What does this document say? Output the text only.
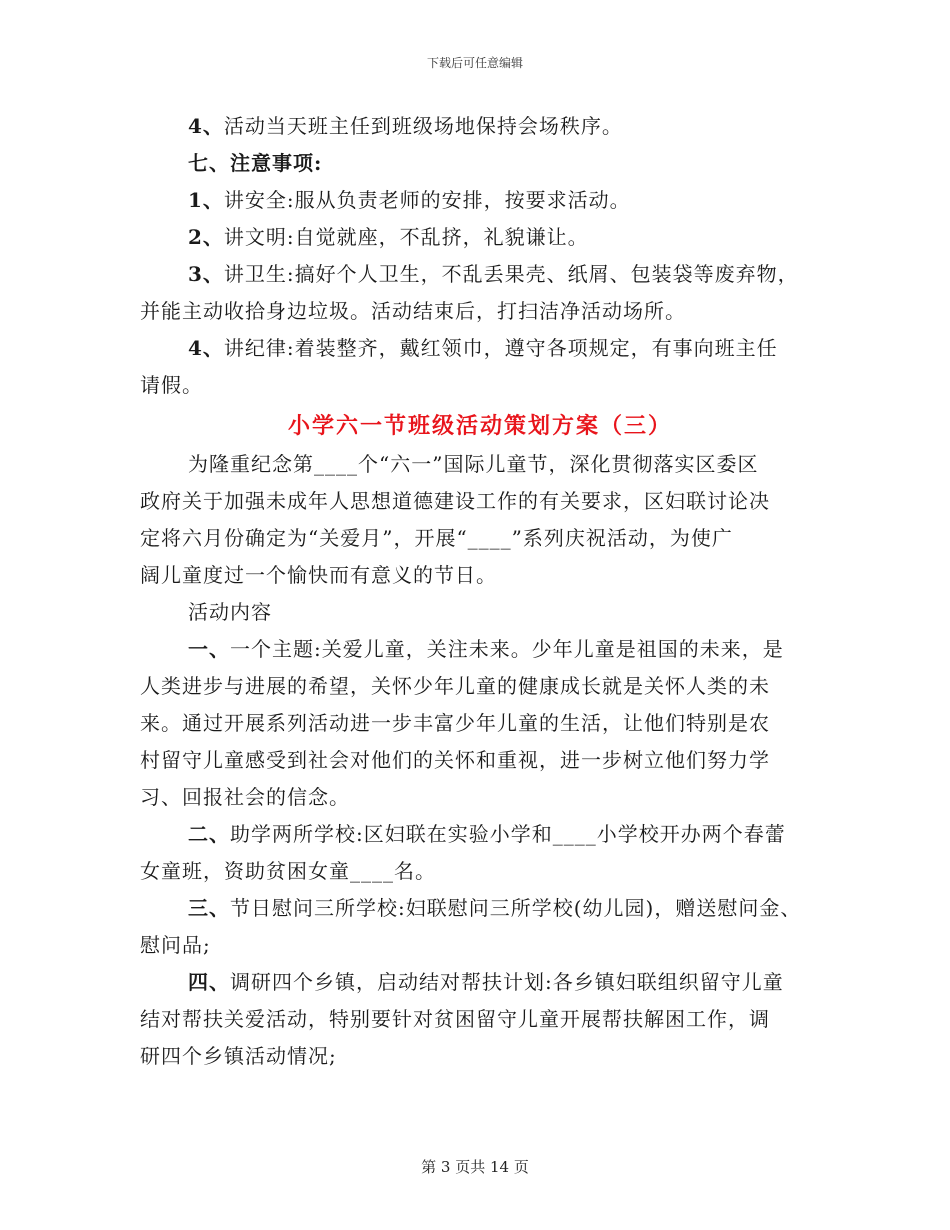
下载后可任意编辑

4、活动当天班主任到班级场地保持会场秩序。

七、注意事项:

1、讲安全:服从负责老师的安排，按要求活动。

2、讲文明:自觉就座，不乱挤，礼貌谦让。

3、讲卫生:搞好个人卫生，不乱丢果壳、纸屑、包装袋等废弃物，

并能主动收拾身边垃圾。活动结束后，打扫洁净活动场所。

4、讲纪律:着装整齐，戴红领巾，遵守各项规定，有事向班主任

请假。

小学六一节班级活动策划方案（三）

为隆重纪念第____个“六一”国际儿童节，深化贯彻落实区委区

政府关于加强未成年人思想道德建设工作的有关要求，区妇联讨论决

定将六月份确定为“关爱月”，开展“____”系列庆祝活动，为使广

阔儿童度过一个愉快而有意义的节日。

活动内容

一、一个主题:关爱儿童，关注未来。少年儿童是祖国的未来，是

人类进步与进展的希望，关怀少年儿童的健康成长就是关怀人类的未

来。通过开展系列活动进一步丰富少年儿童的生活，让他们特别是农

村留守儿童感受到社会对他们的关怀和重视，进一步树立他们努力学

习、回报社会的信念。

二、助学两所学校:区妇联在实验小学和____小学校开办两个春蕾

女童班，资助贫困女童____名。

三、节日慰问三所学校:妇联慰问三所学校(幼儿园)，赠送慰问金、

慰问品;

四、调研四个乡镇，启动结对帮扶计划:各乡镇妇联组织留守儿童

结对帮扶关爱活动，特别要针对贫困留守儿童开展帮扶解困工作，调

研四个乡镇活动情况;

第 3 页共 14 页
